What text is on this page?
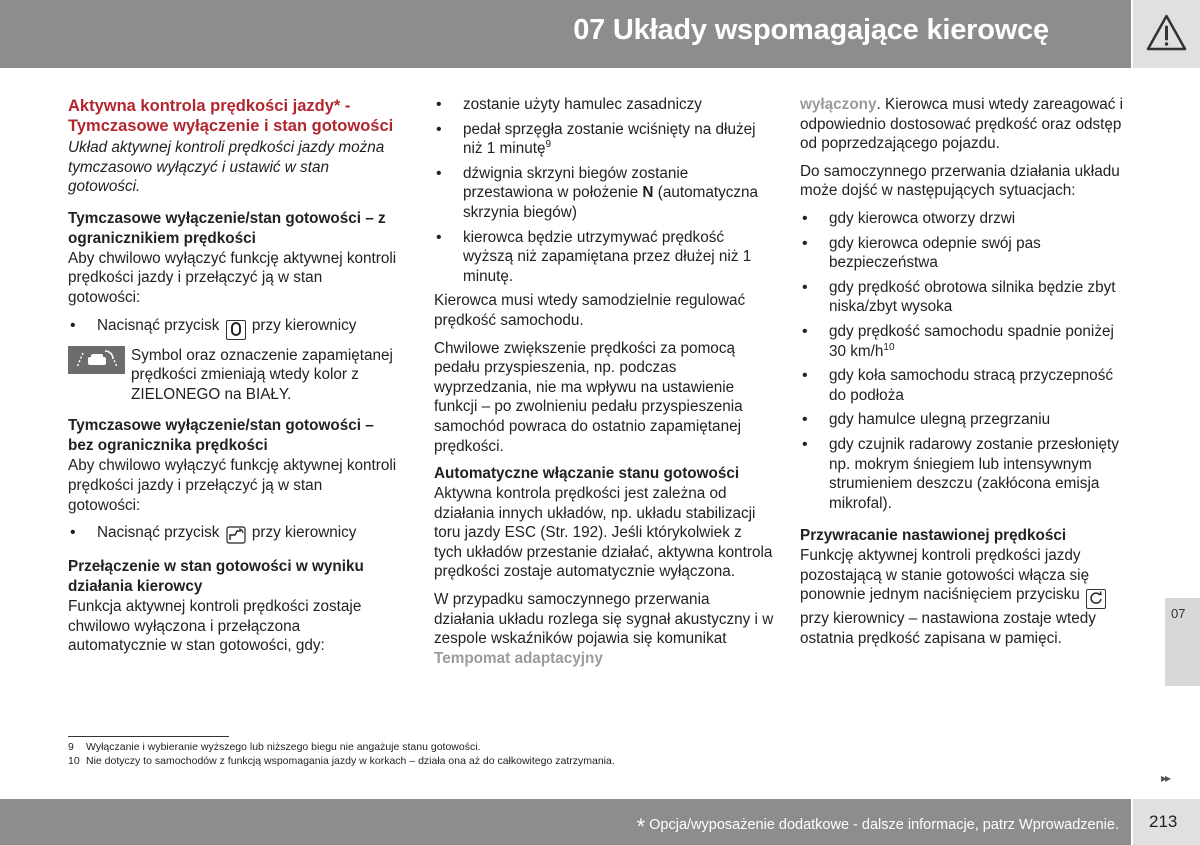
07 Układy wspomagające kierowcę
Aktywna kontrola prędkości jazdy* - Tymczasowe wyłączenie i stan gotowości

Układ aktywnej kontroli prędkości jazdy można tymczasowo wyłączyć i ustawić w stan gotowości.

Tymczasowe wyłączenie/stan gotowości – z ogranicznikiem prędkości

Aby chwilowo wyłączyć funkcję aktywnej kontroli prędkości jazdy i przełączyć ją w stan gotowości:

• Nacisnąć przycisk przy kierownicy

Symbol oraz oznaczenie zapamiętanej prędkości zmieniają wtedy kolor z ZIELONEGO na BIAŁY.

Tymczasowe wyłączenie/stan gotowości – bez ogranicznika prędkości

Aby chwilowo wyłączyć funkcję aktywnej kontroli prędkości jazdy i przełączyć ją w stan gotowości:

• Nacisnąć przycisk przy kierownicy
Przełączenie w stan gotowości w wyniku działania kierowcy

Funkcja aktywnej kontroli prędkości zostaje chwilowo wyłączona i przełączona automatycznie w stan gotowości, gdy:

• zostanie użyty hamulec zasadniczy
• pedał sprzęgła zostanie wciśnięty na dłużej niż 1 minutę$^9$
• dźwignia skrzyni biegów zostanie przestawiona w położenie N (automatyczna skrzynia biegów)
• kierowca będzie utrzymywać prędkość wyższą niż zapamiętana przez dłużej niż 1 minutę.

Kierowca musi wtedy samodzielnie regulować prędkość samochodu.

Chwilowe zwiększenie prędkości za pomocą pedału przyspieszenia, np. podczas wyprzedzania, nie ma wpływu na ustawienie funkcji – po zwolnieniu pedału przyspieszenia samochód powraca do ostatnio zapamiętanej prędkości.

Automatyczne włączanie stanu gotowości

Aktywna kontrola prędkości jest zależna od działania innych układów, np. układu stabilizacji toru jazdy ESC (Str. 192). Jeśli którykolwiek z tych układów przestanie działać, aktywna kontrola prędkości zostaje automatycznie wyłączona.

W przypadku samoczynnego przerwania działania układu rozlega się sygnał akustyczny i w zespole wskaźników pojawia się komunikat Tempomat adaptacyjny

wyłączony. Kierowca musi wtedy zareagować i odpowiednio dostosować prędkość oraz odstęp od poprzedzającego pojazdu.

Do samoczynnego przerwania działania układu może dojść w następujących sytuacjach:

• gdy kierowca otworzy drzwi
• gdy kierowca odepnie swój pas bezpieczeństwa
• gdy prędkość obrotowa silnika będzie zbyt niska/zbyt wysoka
• gdy prędkość samochodu spadnie poniżej 30 $km/h^{10}$
• gdy koła samochodu stracą przyczepność do podłoża
• gdy hamulce ulegną przegrzaniu
• gdy czujnik radarowy zostanie przesłonięty np. mokrym śniegiem lub intensywnym strumieniem deszczu (zakłócona emisja mikrofal).
Przywracanie nastawionej prędkości

Funkcję aktywnej kontroli prędkości jazdy pozostającą w stanie gotowości włącza się ponownie jednym naciśnięciem przycisku  przy kierownicy – nastawiona zostaje wtedy ostatnia prędkość zapisana w pamięci.

9 Wyłączanie i wybieranie wyższego lub niższego biegu nie angażuje stanu gotowości.
10 Nie dotyczy to samochodów z funkcją wspomagania jazdy w korkach – działa ona aż do całkowitego zatrzymania.
07
▸▸
* Opcja/wyposażenie dodatkowe - dalsze informacje, patrz Wprowadzenie. 213
